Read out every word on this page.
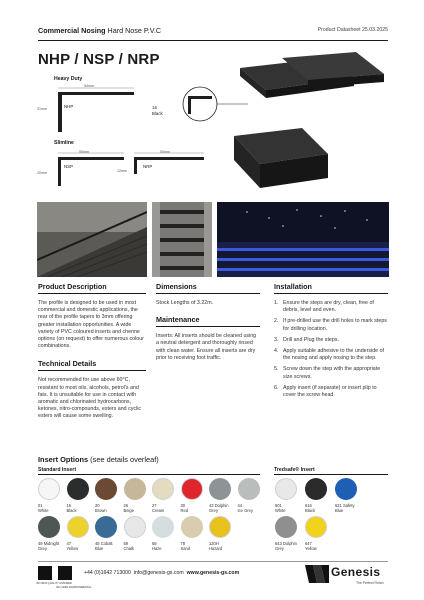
Commercial Nosing Hard Nose P.V.C	Product Datasheet 25.03.2025
NHP / NSP / NRP
Heavy Duty
54mm
31mm	NHP	16
Black
Slimline
55mm
20mm
NSP
50mm
12mm
NRP
Product Description

The profile is designed to be used in most commercial and domestic applications, the rear of the profile tapers to 3mm offering greater installation opportunities. A wide variety of PVC coloured inserts and chenne options (on request) to offer numerous colour combinations.

Technical Details

Not recommended for use above 60°C, resistant to most oils, alcohols, petrol's and fats. It is unsuitable for use in contact with aromatic and chlorinated hydrocarbons, ketones, nitro-compounds, esters and cyclic esters will cause some swelling.

Dimensions

Stock Lengths of 3.22m.

Maintenance

Inserts: All inserts should be cleaned using a neutral detergent and thoroughly rinsed with clean water. Ensure all inserts are dry prior to receiving foot traffic.

Installation
1. Ensure the steps are dry, clean, free of debris, level and even.
2. If pre-drilled use the drill holes to mark steps for drilling location.
3. Drill and Plug the steps.
4. Apply suitable adhesive to the underside of the nosing and apply nosing to the step.
5. Screw down the step with the appropriate size screws.
6. Apply insert (if separate) or insert plip to cover the screw head.
Insert Options (see details overleaf)
Standard Insert	Tredsafe® Insert
01
White
16
Black
20
Brown
26
Beige
27
Cream
30
Red
43 Dolphin
Grey
44
Ice Grey
49 Midnight
Grey
47
Yellow
48 Cobalt
Blue
59
Chalk
68
Haze
78
Sand
120H
Hazard
601
White
616
Black
621 Safety
Blue
643 Dolphin
Grey
647
Yellow
ISO 9001 QUALITY ASSURED
ISO 14001 ENVIRONMENTAL
+44 (0)1642 713000 info@genesis-gs.com www.genesis-gs.com	Genesis
The Perfect Finish
